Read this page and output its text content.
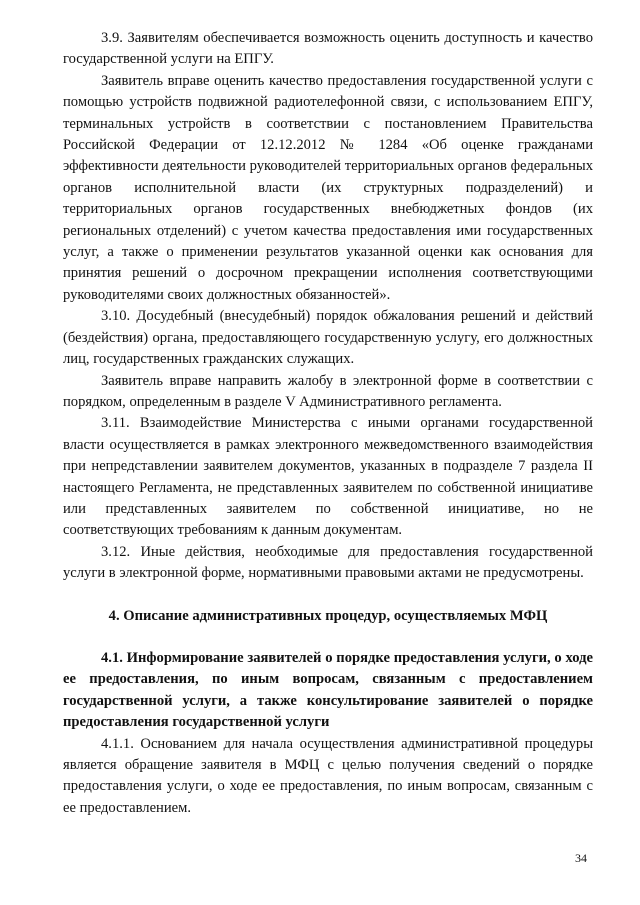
3.9. Заявителям обеспечивается возможность оценить доступность и качество государственной услуги на ЕПГУ.

Заявитель вправе оценить качество предоставления государственной услуги с помощью устройств подвижной радиотелефонной связи, с использованием ЕПГУ, терминальных устройств в соответствии с постановлением Правительства Российской Федерации от 12.12.2012 № 1284 «Об оценке гражданами эффективности деятельности руководителей территориальных органов федеральных органов исполнительной власти (их структурных подразделений) и территориальных органов государственных внебюджетных фондов (их региональных отделений) с учетом качества предоставления ими государственных услуг, а также о применении результатов указанной оценки как основания для принятия решений о досрочном прекращении исполнения соответствующими руководителями своих должностных обязанностей».

3.10. Досудебный (внесудебный) порядок обжалования решений и действий (бездействия) органа, предоставляющего государственную услугу, его должностных лиц, государственных гражданских служащих.

Заявитель вправе направить жалобу в электронной форме в соответствии с порядком, определенным в разделе V Административного регламента.

3.11. Взаимодействие Министерства с иными органами государственной власти осуществляется в рамках электронного межведомственного взаимодействия при непредставлении заявителем документов, указанных в подразделе 7 раздела II настоящего Регламента, не представленных заявителем по собственной инициативе или представленных заявителем по собственной инициативе, но не соответствующих требованиям к данным документам.

3.12. Иные действия, необходимые для предоставления государственной услуги в электронной форме, нормативными правовыми актами не предусмотрены.

4. Описание административных процедур, осуществляемых МФЦ

4.1. Информирование заявителей о порядке предоставления услуги, о ходе ее предоставления, по иным вопросам, связанным с предоставлением государственной услуги, а также консультирование заявителей о порядке предоставления государственной услуги

4.1.1. Основанием для начала осуществления административной процедуры является обращение заявителя в МФЦ с целью получения сведений о порядке предоставления услуги, о ходе ее предоставления, по иным вопросам, связанным с ее предоставлением.

34
